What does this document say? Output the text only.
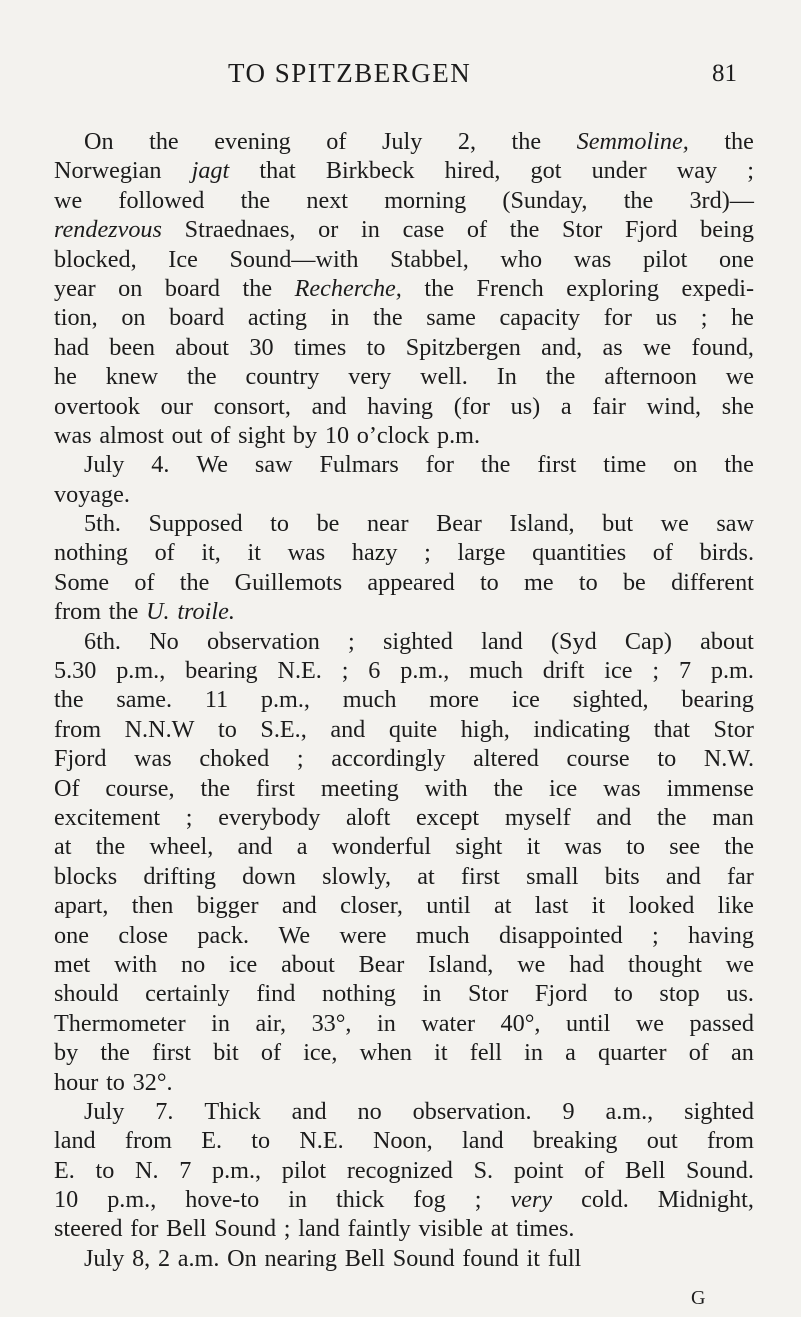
TO SPITZBERGEN	81
On the evening of July 2, the Semmoline, the
Norwegian jagt that Birkbeck hired, got under way ;
we followed the next morning (Sunday, the 3rd)—
rendezvous Straednaes, or in case of the Stor Fjord being
blocked, Ice Sound—with Stabbel, who was pilot one
year on board the Recherche, the French exploring expedi-
tion, on board acting in the same capacity for us ; he
had been about 30 times to Spitzbergen and, as we found,
he knew the country very well. In the afternoon we
overtook our consort, and having (for us) a fair wind, she
was almost out of sight by 10 o’clock p.m.
July 4. We saw Fulmars for the first time on the
voyage.
5th. Supposed to be near Bear Island, but we saw
nothing of it, it was hazy ; large quantities of birds.
Some of the Guillemots appeared to me to be different
from the U. troile.
6th. No observation ; sighted land (Syd Cap) about
5.30 p.m., bearing N.E. ; 6 p.m., much drift ice ; 7 p.m.
the same. 11 p.m., much more ice sighted, bearing
from N.N.W to S.E., and quite high, indicating that Stor
Fjord was choked ; accordingly altered course to N.W.
Of course, the first meeting with the ice was immense
excitement ; everybody aloft except myself and the man
at the wheel, and a wonderful sight it was to see the
blocks drifting down slowly, at first small bits and far
apart, then bigger and closer, until at last it looked like
one close pack. We were much disappointed ; having
met with no ice about Bear Island, we had thought we
should certainly find nothing in Stor Fjord to stop us.
Thermometer in air, 33°, in water 40°, until we passed
by the first bit of ice, when it fell in a quarter of an
hour to 32°.
July 7. Thick and no observation. 9 a.m., sighted
land from E. to N.E. Noon, land breaking out from
E. to N. 7 p.m., pilot recognized S. point of Bell Sound.
10 p.m., hove-to in thick fog ; very cold. Midnight,
steered for Bell Sound ; land faintly visible at times.
July 8, 2 a.m. On nearing Bell Sound found it full
G
